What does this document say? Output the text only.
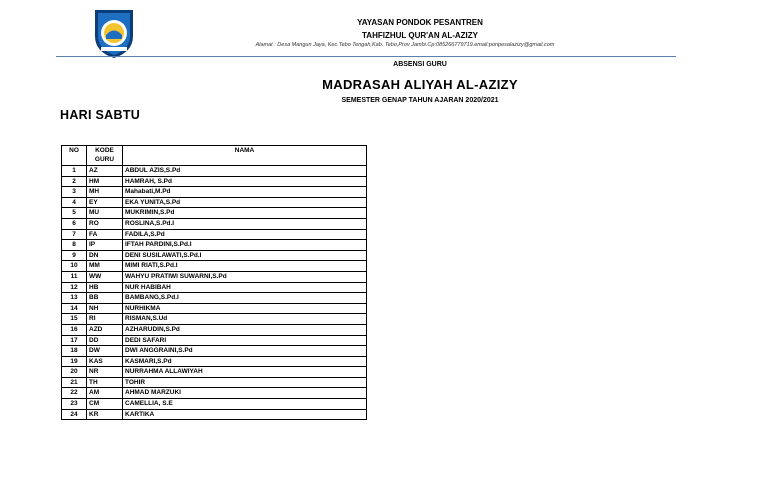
YAYASAN PONDOK PESANTREN
TAHFIZHUL QUR'AN AL-AZIZY
Alamat : Desa Mangun Jaya, Kec.Tebo Tengah,Kab. Tebo,Prov Jambi.Cp:085266779719.email:ponpesalazizy@gmail.com
ABSENSI GURU
MADRASAH ALIYAH AL-AZIZY
SEMESTER GENAP TAHUN AJARAN 2020/2021
HARI SABTU
NO	KODE GURU	NAMA
1	AZ	ABDUL AZIS,S.Pd
2	HM	HAMRAH, S.Pd
3	MH	Mahabati,M.Pd
4	EY	EKA YUNITA,S.Pd
5	MU	MUKRIMIN,S.Pd
6	RO	ROSLINA,S.Pd.I
7	FA	FADILA,S.Pd
8	IP	IFTAH PARDINI,S.Pd.I
9	DN	DENI SUSILAWATI,S.Pd.I
10	MM	MIMI RIATI,S.Pd.I
11	WW	WAHYU PRATIWI SUWARNI,S.Pd
12	HB	NUR HABIBAH
13	BB	BAMBANG,S.Pd.I
14	NH	NURHIKMA
15	RI	RISMAN,S.Ud
16	AZD	AZHARUDIN,S.Pd
17	DD	DEDI SAFARI
18	DW	DWI ANGGRAINI,S.Pd
19	KAS	KASMARI,S.Pd
20	NR	NURRAHMA ALLAWIYAH
21	TH	TOHIR
22	AM	AHMAD MARZUKI
23	CM	CAMELLIA, S.E
24	KR	KARTIKA
